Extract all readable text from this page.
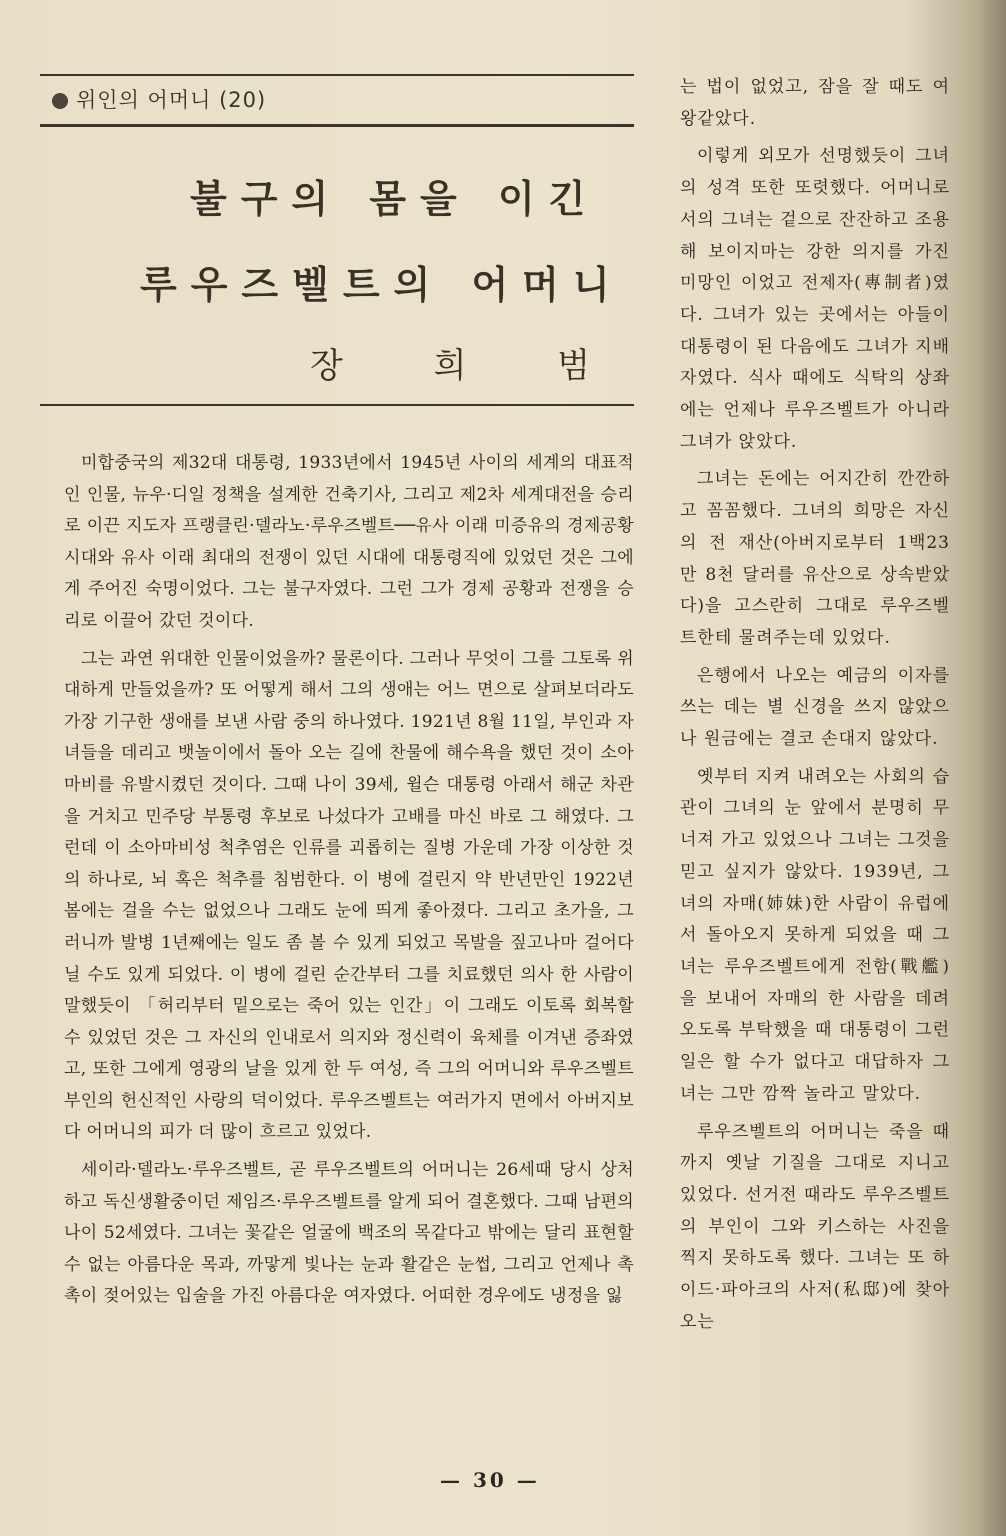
위인의 어머니 (20)
불구의 몸을 이긴
루우즈벨트의 어머니
장	희	범

미합중국의 제32대 대통령, 1933년에서 1945년 사이의 세계의 대표적인 인물, 뉴우·디일 정책을 설계한 건축기사, 그리고 제2차 세계대전을 승리로 이끈 지도자 프랭클린·델라노·루우즈벨트──유사 이래 미증유의 경제공황시대와 유사 이래 최대의 전쟁이 있던 시대에 대통령직에 있었던 것은 그에게 주어진 숙명이었다. 그는 불구자였다. 그런 그가 경제 공황과 전쟁을 승리로 이끌어 갔던 것이다.

그는 과연 위대한 인물이었을까? 물론이다. 그러나 무엇이 그를 그토록 위대하게 만들었을까? 또 어떻게 해서 그의 생애는 어느 면으로 살펴보더라도 가장 기구한 생애를 보낸 사람 중의 하나였다. 1921년 8월 11일, 부인과 자녀들을 데리고 뱃놀이에서 돌아 오는 길에 찬물에 해수욕을 했던 것이 소아마비를 유발시켰던 것이다. 그때 나이 39세, 윌슨 대통령 아래서 해군 차관을 거치고 민주당 부통령 후보로 나섰다가 고배를 마신 바로 그 해였다. 그런데 이 소아마비성 척추염은 인류를 괴롭히는 질병 가운데 가장 이상한 것의 하나로, 뇌 혹은 척추를 침범한다. 이 병에 걸린지 약 반년만인 1922년 봄에는 걸을 수는 없었으나 그래도 눈에 띄게 좋아졌다. 그리고 초가을, 그러니까 발병 1년째에는 일도 좀 볼 수 있게 되었고 목발을 짚고나마 걸어다닐 수도 있게 되었다. 이 병에 걸린 순간부터 그를 치료했던 의사 한 사람이 말했듯이 「허리부터 밑으로는 죽어 있는 인간」이 그래도 이토록 회복할 수 있었던 것은 그 자신의 인내로서 의지와 정신력이 육체를 이겨낸 증좌였고, 또한 그에게 영광의 날을 있게 한 두 여성, 즉 그의 어머니와 루우즈벨트 부인의 헌신적인 사랑의 덕이었다. 루우즈벨트는 여러가지 면에서 아버지보다 어머니의 피가 더 많이 흐르고 있었다.

세이라·델라노·루우즈벨트, 곧 루우즈벨트의 어머니는 26세때 당시 상처하고 독신생활중이던 제임즈·루우즈벨트를 알게 되어 결혼했다. 그때 남편의 나이 52세였다. 그녀는 꽃같은 얼굴에 백조의 목같다고 밖에는 달리 표현할 수 없는 아름다운 목과, 까맣게 빛나는 눈과 활같은 눈썹, 그리고 언제나 촉촉이 젖어있는 입술을 가진 아름다운 여자였다. 어떠한 경우에도 냉정을 잃

는 법이 없었고, 잠을 잘 때도 여왕같았다.

이렇게 외모가 선명했듯이 그녀의 성격 또한 또렷했다. 어머니로서의 그녀는 겉으로 잔잔하고 조용해 보이지마는 강한 의지를 가진 미망인 이었고 전제자(專制者)였다. 그녀가 있는 곳에서는 아들이 대통령이 된 다음에도 그녀가 지배자였다. 식사 때에도 식탁의 상좌에는 언제나 루우즈벨트가 아니라 그녀가 앉았다.

그녀는 돈에는 어지간히 깐깐하고 꼼꼼했다. 그녀의 희망은 자신의 전 재산(아버지로부터 1백23만 8천 달러를 유산으로 상속받았다)을 고스란히 그대로 루우즈벨트한테 물려주는데 있었다.

은행에서 나오는 예금의 이자를 쓰는 데는 별 신경을 쓰지 않았으나 원금에는 결코 손대지 않았다.

옛부터 지켜 내려오는 사회의 습관이 그녀의 눈 앞에서 분명히 무너져 가고 있었으나 그녀는 그것을 믿고 싶지가 않았다. 1939년, 그녀의 자매(姉妹)한 사람이 유럽에서 돌아오지 못하게 되었을 때 그녀는 루우즈벨트에게 전함(戰艦)을 보내어 자매의 한 사람을 데려오도록 부탁했을 때 대통령이 그런 일은 할 수가 없다고 대답하자 그녀는 그만 깜짝 놀라고 말았다.

루우즈벨트의 어머니는 죽을 때까지 옛날 기질을 그대로 지니고 있었다. 선거전 때라도 루우즈벨트의 부인이 그와 키스하는 사진을 찍지 못하도록 했다. 그녀는 또 하이드·파아크의 사저(私邸)에 찾아 오는

— 30 —
